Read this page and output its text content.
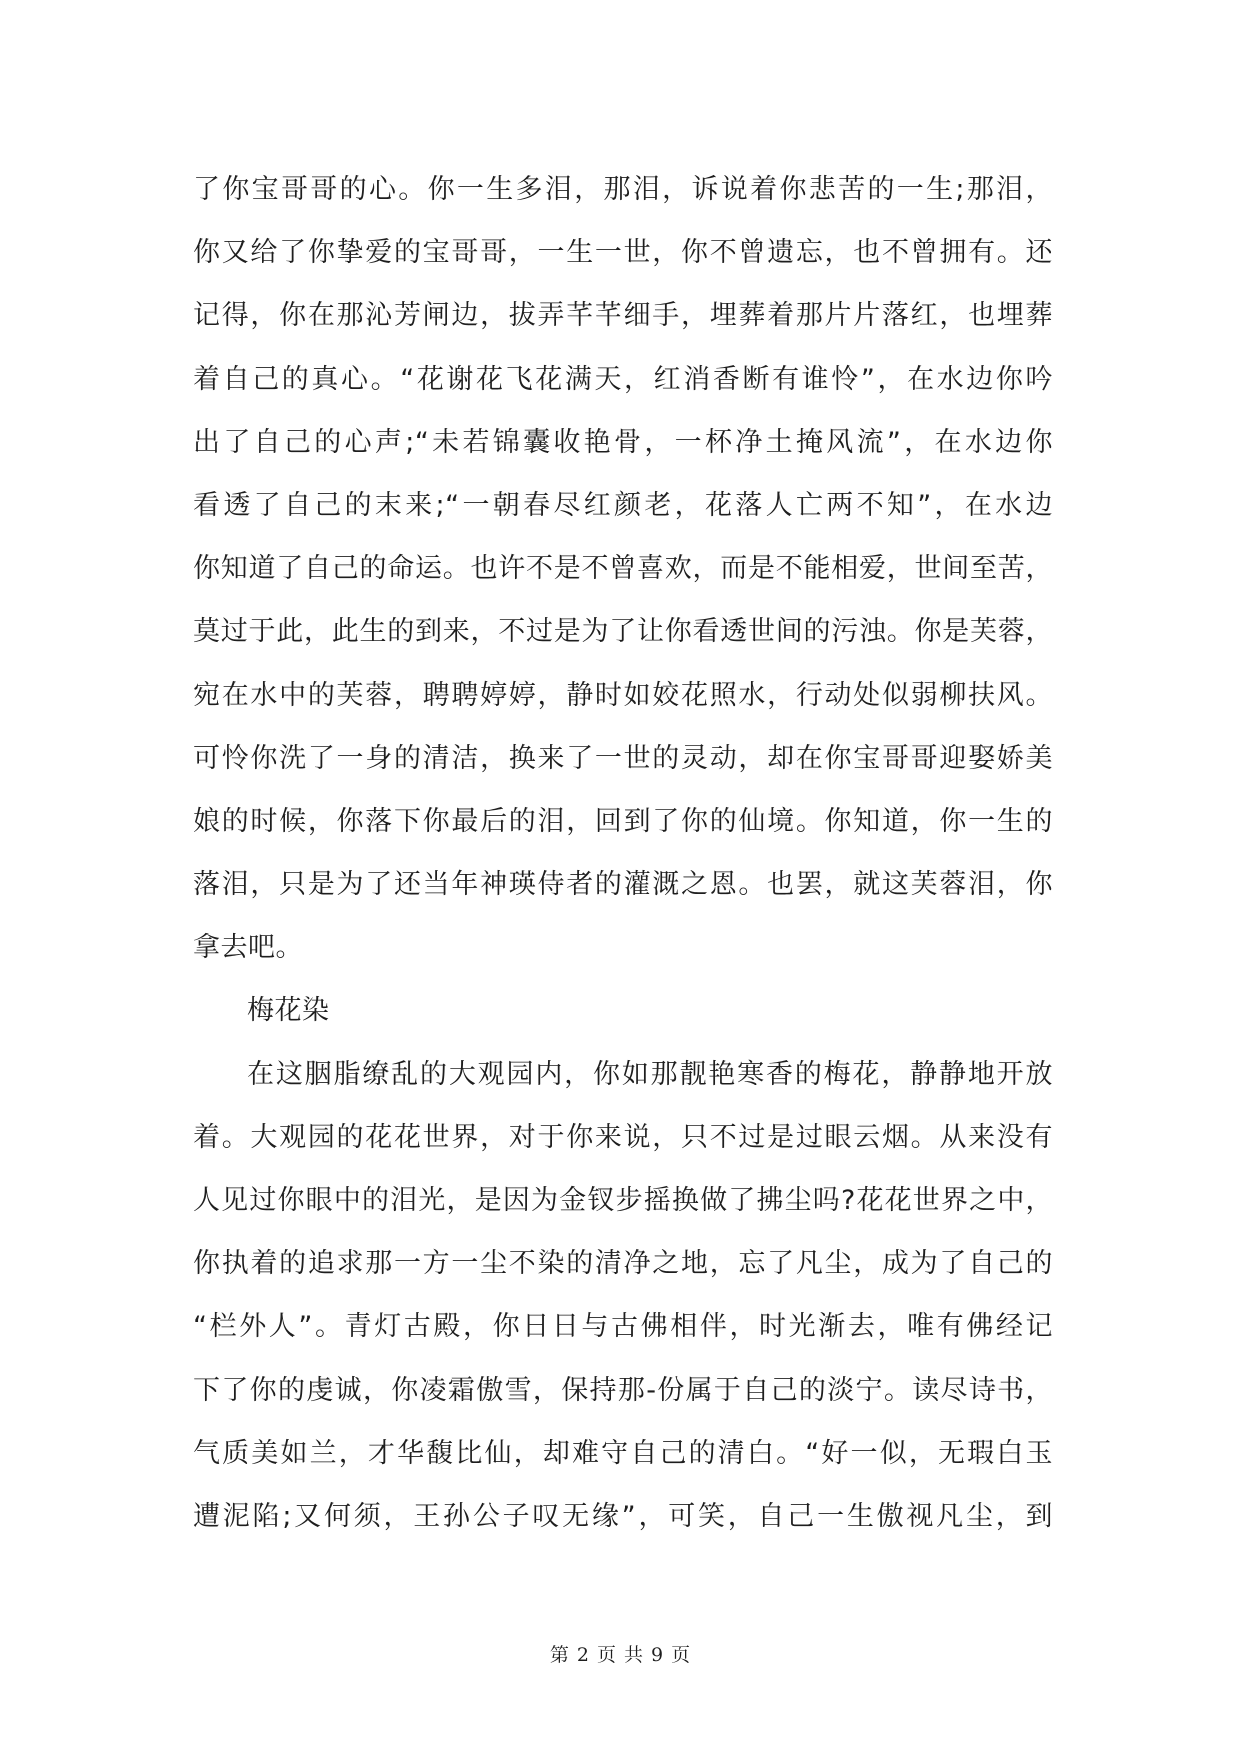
了你宝哥哥的心。你一生多泪，那泪，诉说着你悲苦的一生;那泪，
你又给了你挚爱的宝哥哥，一生一世，你不曾遗忘，也不曾拥有。还
记得，你在那沁芳闸边，拔弄芊芊细手，埋葬着那片片落红，也埋葬
着自己的真心。“花谢花飞花满天，红消香断有谁怜”，在水边你吟
出了自己的心声;“未若锦囊收艳骨，一杯净土掩风流”，在水边你
看透了自己的末来;“一朝春尽红颜老，花落人亡两不知”，在水边
你知道了自己的命运。也许不是不曾喜欢，而是不能相爱，世间至苦，
莫过于此，此生的到来，不过是为了让你看透世间的污浊。你是芙蓉，
宛在水中的芙蓉，聘聘婷婷，静时如姣花照水，行动处似弱柳扶风。
可怜你洗了一身的清洁，换来了一世的灵动，却在你宝哥哥迎娶娇美
娘的时候，你落下你最后的泪，回到了你的仙境。你知道，你一生的
落泪，只是为了还当年神瑛侍者的灌溉之恩。也罢，就这芙蓉泪，你
拿去吧。
梅花染
在这胭脂缭乱的大观园内，你如那靓艳寒香的梅花，静静地开放
着。大观园的花花世界，对于你来说，只不过是过眼云烟。从来没有
人见过你眼中的泪光，是因为金钗步摇换做了拂尘吗?花花世界之中，
你执着的追求那一方一尘不染的清净之地，忘了凡尘，成为了自己的
“栏外人”。青灯古殿，你日日与古佛相伴，时光渐去，唯有佛经记
下了你的虔诚，你凌霜傲雪，保持那-份属于自己的淡宁。读尽诗书，
气质美如兰，才华馥比仙，却难守自己的清白。“好一似，无瑕白玉
遭泥陷;又何须，王孙公子叹无缘”，可笑，自己一生傲视凡尘，到
第 2 页 共 9 页
